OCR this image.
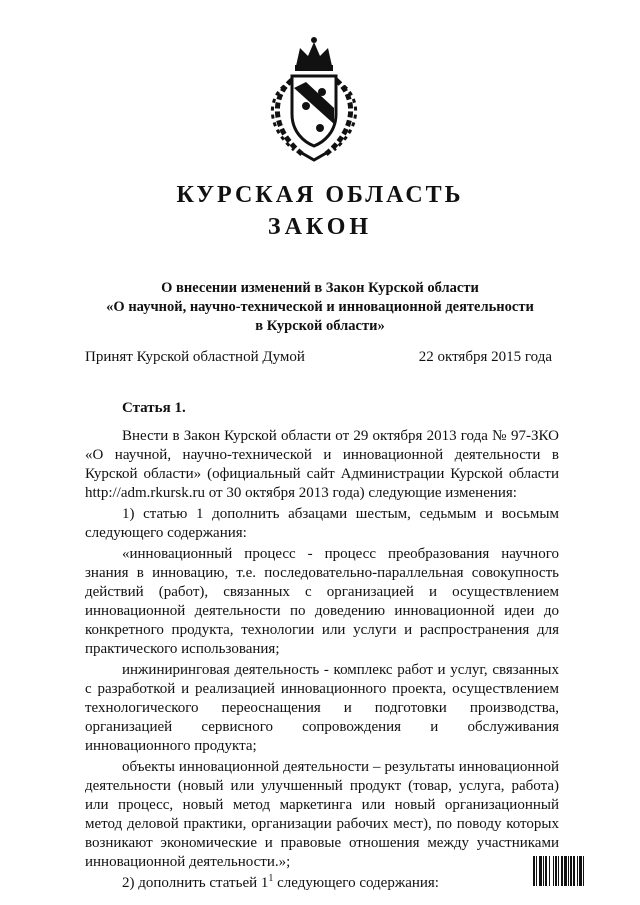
КУРСКАЯ ОБЛАСТЬ
ЗАКОН
О внесении изменений в Закон Курской области
«О научной, научно-технической и инновационной деятельности
в Курской области»
Принят Курской областной Думой	22 октября 2015 года
Статья 1.

Внести в Закон Курской области от 29 октября 2013 года № 97-ЗКО «О научной, научно-технической и инновационной деятельности в Курской области» (официальный сайт Администрации Курской области http://adm.rkursk.ru от 30 октября 2013 года) следующие изменения:

1) статью 1 дополнить абзацами шестым, седьмым и восьмым следующего содержания:

«инновационный процесс - процесс преобразования научного знания в инновацию, т.е. последовательно-параллельная совокупность действий (работ), связанных с организацией и осуществлением инновационной деятельности по доведению инновационной идеи до конкретного продукта, технологии или услуги и распространения для практического использования;

инжиниринговая деятельность - комплекс работ и услуг, связанных с разработкой и реализацией инновационного проекта, осуществлением технологического переоснащения и подготовки производства, организацией сервисного сопровождения и обслуживания инновационного продукта;

объекты инновационной деятельности – результаты инновационной деятельности (новый или улучшенный продукт (товар, услуга, работа) или процесс, новый метод маркетинга или новый организационный метод деловой практики, организации рабочих мест), по поводу которых возникают экономические и правовые отношения между участниками инновационной деятельности.»;

2) дополнить статьей $1^1$ следующего содержания:
